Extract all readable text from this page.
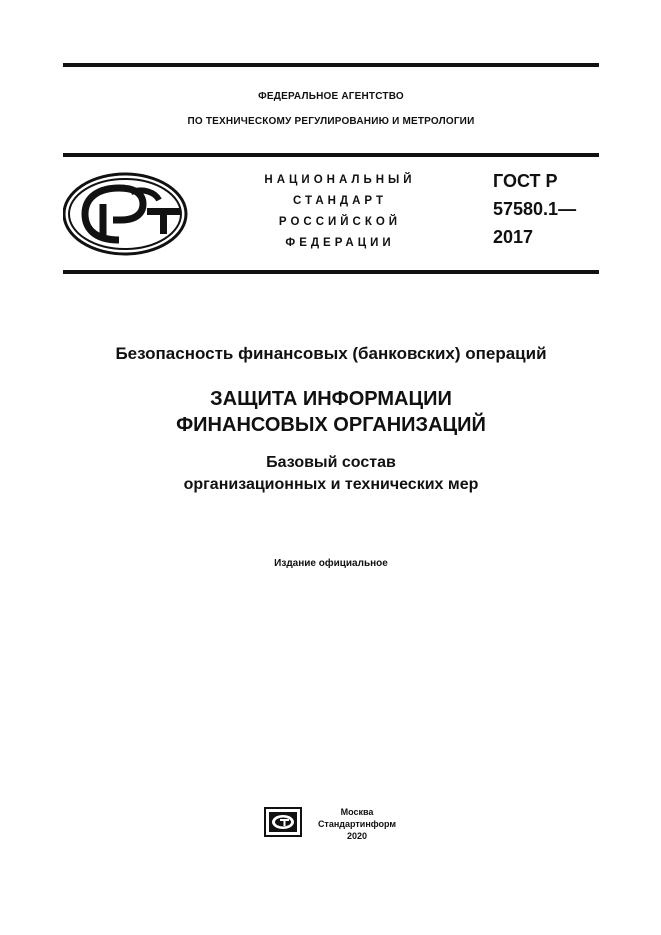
ФЕДЕРАЛЬНОЕ АГЕНТСТВО
ПО ТЕХНИЧЕСКОМУ РЕГУЛИРОВАНИЮ И МЕТРОЛОГИИ
НАЦИОНАЛЬНЫЙ
СТАНДАРТ
РОССИЙСКОЙ
ФЕДЕРАЦИИ
ГОСТ Р
57580.1—
2017
Безопасность финансовых (банковских) операций
ЗАЩИТА ИНФОРМАЦИИ
ФИНАНСОВЫХ ОРГАНИЗАЦИЙ
Базовый состав
организационных и технических мер
Издание официальное
Москва
Стандартинформ
2020
